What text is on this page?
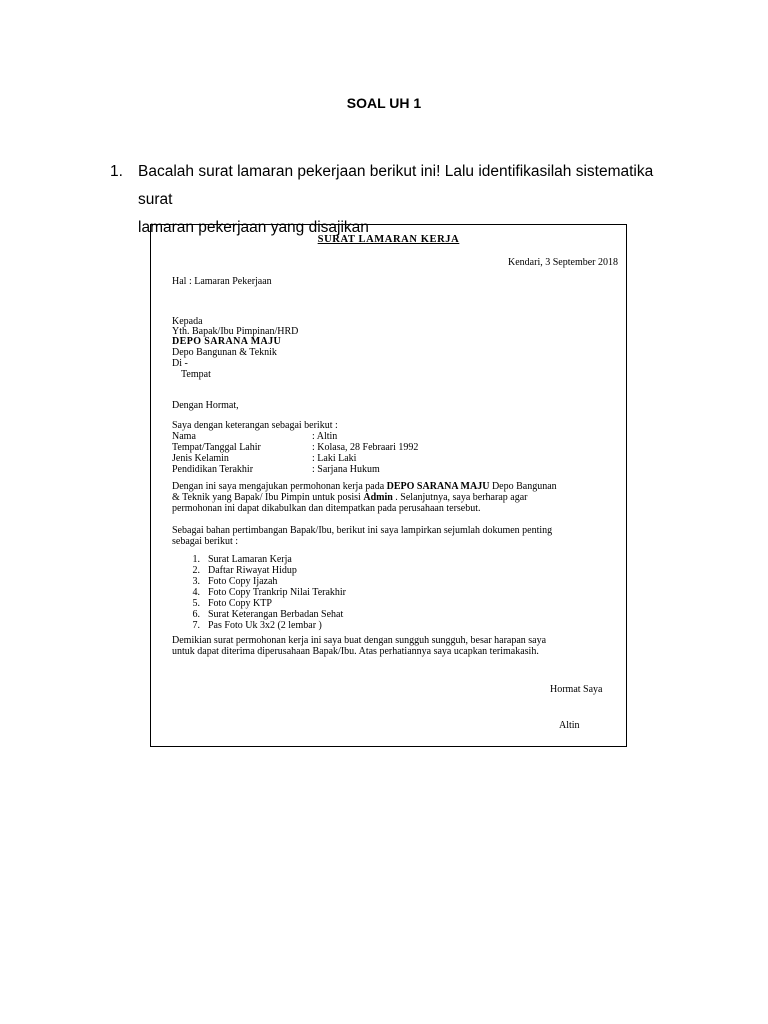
SOAL UH 1
1. Bacalah surat lamaran pekerjaan berikut ini! Lalu identifikasilah sistematika surat
lamaran pekerjaan yang disajikan
SURAT LAMARAN KERJA
Kendari, 3 September 2018
Hal : Lamaran Pekerjaan
Kepada
Yth. Bapak/Ibu Pimpinan/HRD
DEPO SARANA MAJU
Depo Bangunan & Teknik
Di -
Tempat
Dengan Hormat,
Saya dengan keterangan sebagai berikut :
Nama	: Altin
Tempat/Tanggal Lahir	: Kolasa, 28 Febraari 1992
Jenis Kelamin	: Laki Laki
Pendidikan Terakhir	: Sarjana Hukum
Dengan ini saya mengajukan permohonan kerja pada DEPO SARANA MAJU Depo Bangunan
& Teknik yang Bapak/ Ibu Pimpin untuk posisi Admin . Selanjutnya, saya berharap agar
permohonan ini dapat dikabulkan dan ditempatkan pada perusahaan tersebut.
Sebagai bahan pertimbangan Bapak/Ibu, berikut ini saya lampirkan sejumlah dokumen penting
sebagai berikut :
1. Surat Lamaran Kerja
2. Daftar Riwayat Hidup
3. Foto Copy Ijazah
4. Foto Copy Trankrip Nilai Terakhir
5. Foto Copy KTP
6. Surat Keterangan Berbadan Sehat
7. Pas Foto Uk 3x2 (2 lembar )
Demikian surat permohonan kerja ini saya buat dengan sungguh sungguh, besar harapan saya
untuk dapat diterima diperusahaan Bapak/Ibu. Atas perhatiannya saya ucapkan terimakasih.
Hormat Saya
Altin
